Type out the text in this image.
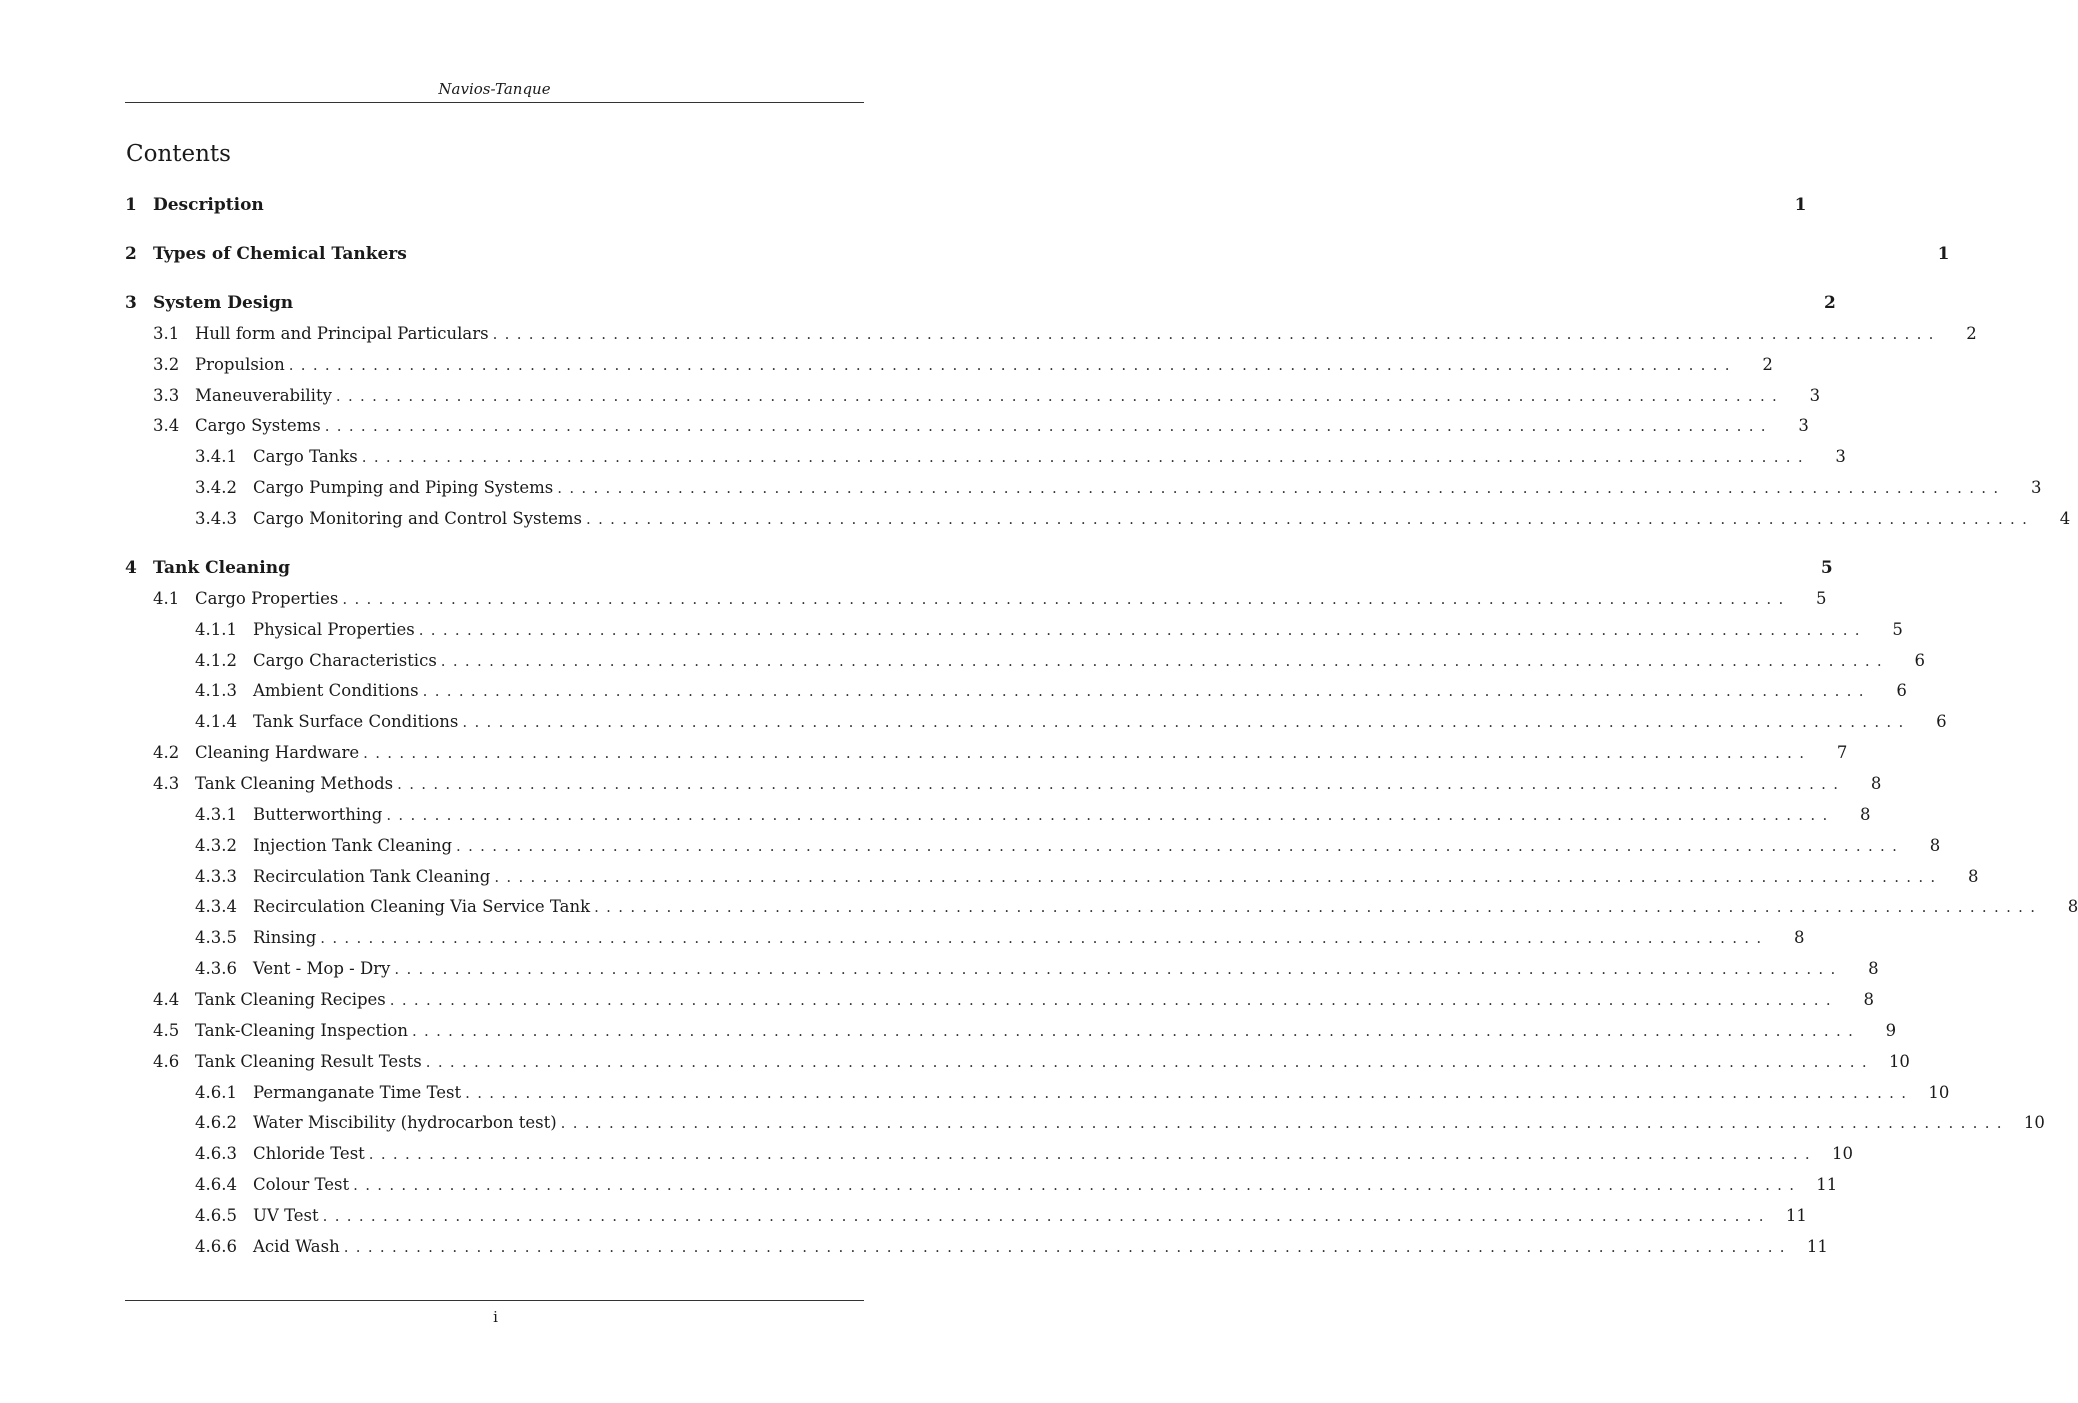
Navios-Tanque
Contents
1 Description	1
2 Types of Chemical Tankers	1
3 System Design	2
3.1 Hull form and Principal Particulars ........................................................................................................................	2
3.2 Propulsion ........................................................................................................................	2
3.3 Maneuverability ........................................................................................................................	3
3.4 Cargo Systems ........................................................................................................................	3
3.4.1 Cargo Tanks ........................................................................................................................	3
3.4.2 Cargo Pumping and Piping Systems ........................................................................................................................	3
3.4.3 Cargo Monitoring and Control Systems ........................................................................................................................	4
4 Tank Cleaning	5
4.1 Cargo Properties ........................................................................................................................	5
4.1.1 Physical Properties ........................................................................................................................	5
4.1.2 Cargo Characteristics ........................................................................................................................	6
4.1.3 Ambient Conditions ........................................................................................................................	6
4.1.4 Tank Surface Conditions ........................................................................................................................	6
4.2 Cleaning Hardware ........................................................................................................................	7
4.3 Tank Cleaning Methods ........................................................................................................................	8
4.3.1 Butterworthing ........................................................................................................................	8
4.3.2 Injection Tank Cleaning ........................................................................................................................	8
4.3.3 Recirculation Tank Cleaning ........................................................................................................................	8
4.3.4 Recirculation Cleaning Via Service Tank ........................................................................................................................	8
4.3.5 Rinsing ........................................................................................................................	8
4.3.6 Vent - Mop - Dry ........................................................................................................................	8
4.4 Tank Cleaning Recipes ........................................................................................................................	8
4.5 Tank-Cleaning Inspection ........................................................................................................................	9
4.6 Tank Cleaning Result Tests ........................................................................................................................ 10
4.6.1 Permanganate Time Test ........................................................................................................................ 10
4.6.2 Water Miscibility (hydrocarbon test) ........................................................................................................................ 10
4.6.3 Chloride Test ........................................................................................................................ 10
4.6.4 Colour Test ........................................................................................................................ 11
4.6.5 UV Test ........................................................................................................................ 11
4.6.6 Acid Wash ........................................................................................................................ 11
i
